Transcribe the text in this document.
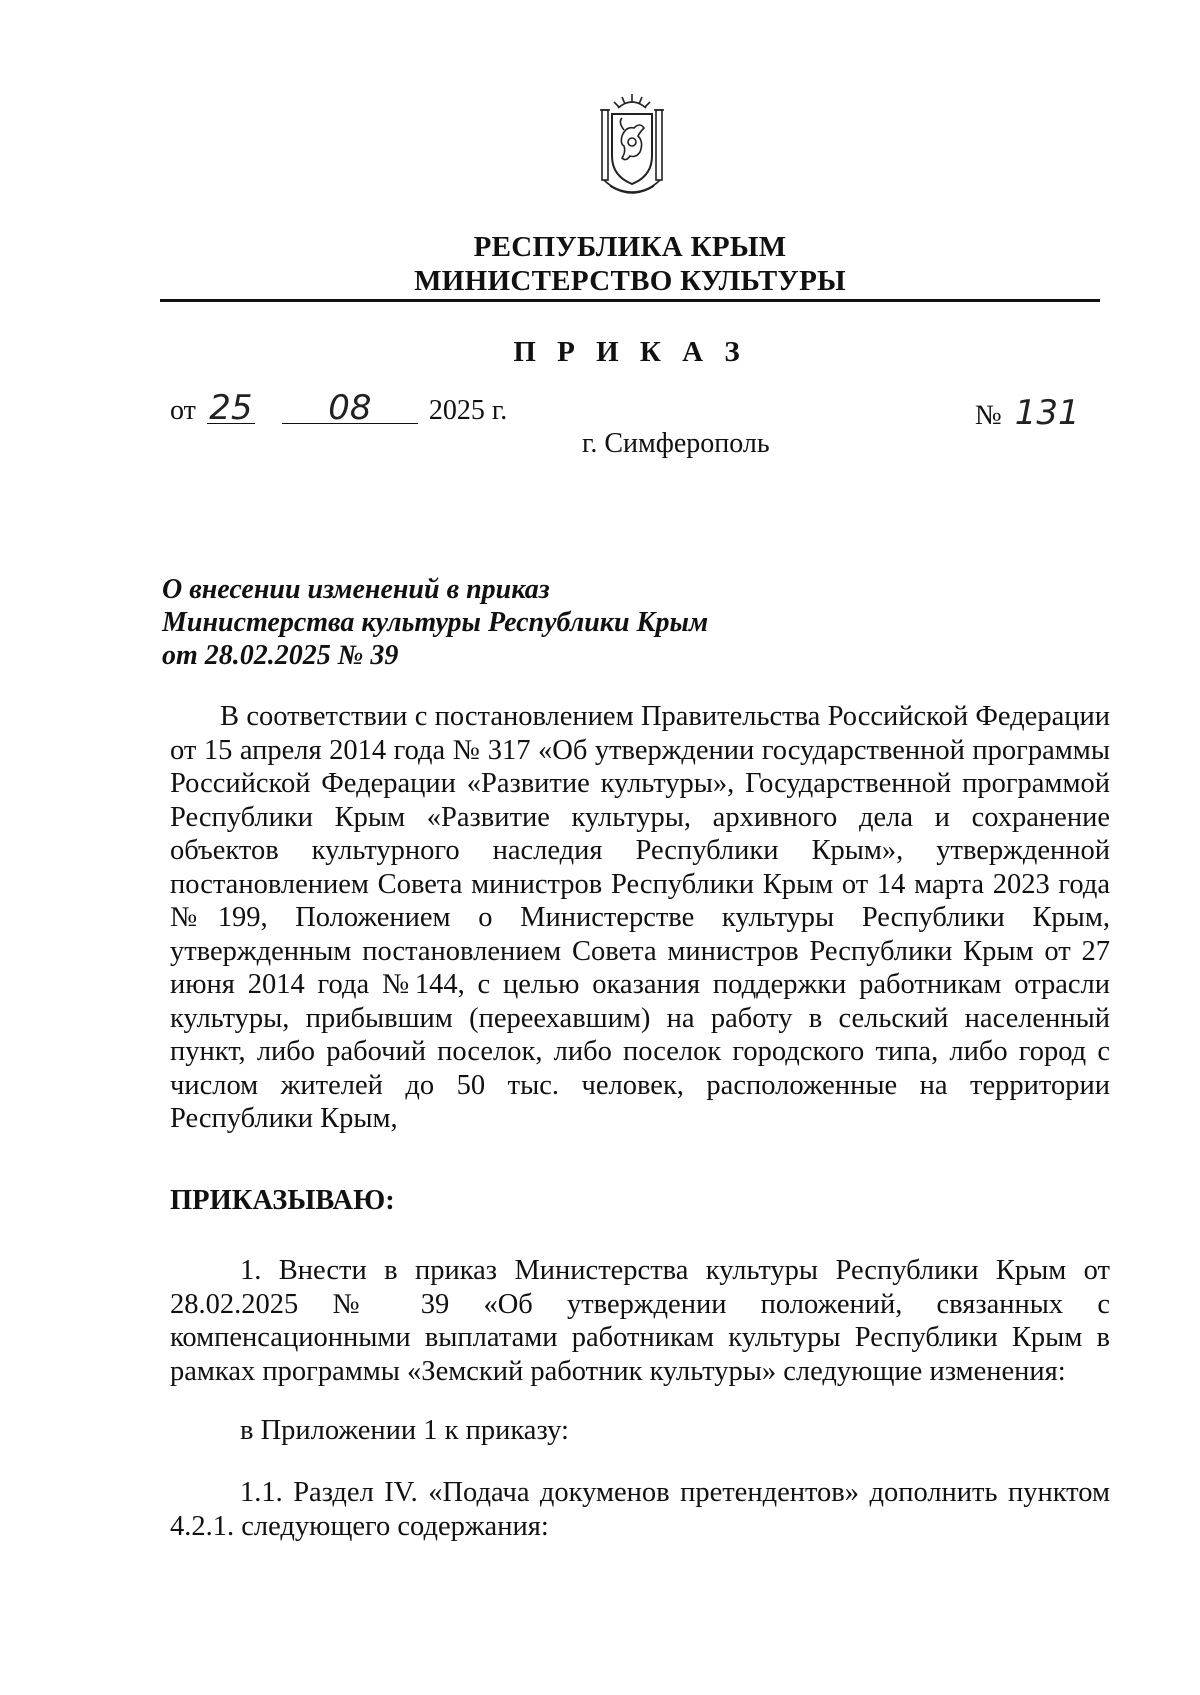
РЕСПУБЛИКА КРЫМ
МИНИСТЕРСТВО КУЛЬТУРЫ
П Р И К А З
от 25 08 2025 г.	№ 131
г. Симферополь
О внесении изменений в приказ
Министерства культуры Республики Крым
от 28.02.2025 № 39
В соответствии с постановлением Правительства Российской Федерации от 15 апреля 2014 года № 317 «Об утверждении государственной программы Российской Федерации «Развитие культуры», Государственной программой Республики Крым «Развитие культуры, архивного дела и сохранение объектов культурного наследия Республики Крым», утвержденной постановлением Совета министров Республики Крым от 14 марта 2023 года №199, Положением о Министерстве культуры Республики Крым, утвержденным постановлением Совета министров Республики Крым от 27 июня 2014 года №144, с целью оказания поддержки работникам отрасли культуры, прибывшим (переехавшим) на работу в сельский населенный пункт, либо рабочий поселок, либо поселок городского типа, либо город с числом жителей до 50 тыс. человек, расположенные на территории Республики Крым,
ПРИКАЗЫВАЮ:
1. Внести в приказ Министерства культуры Республики Крым от 28.02.2025 № 39 «Об утверждении положений, связанных с компенсационными выплатами работникам культуры Республики Крым в рамках программы «Земский работник культуры» следующие изменения:
в Приложении 1 к приказу:
1.1. Раздел IV. «Подача докуменов претендентов» дополнить пунктом 4.2.1. следующего содержания:
